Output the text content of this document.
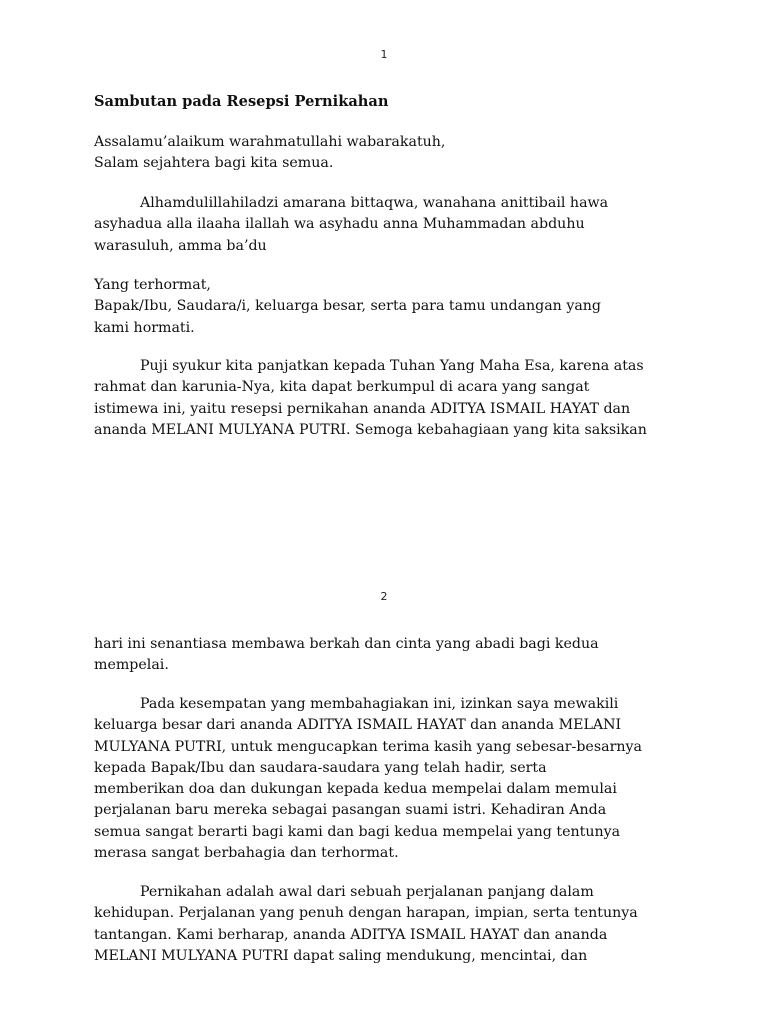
1
Sambutan pada Resepsi Pernikahan
Assalamu’alaikum warahmatullahi wabarakatuh,
Salam sejahtera bagi kita semua.
Alhamdulillahiladzi amarana bittaqwa, wanahana anittibail hawa
asyhadua alla ilaaha ilallah wa asyhadu anna Muhammadan abduhu
warasuluh, amma ba’du
Yang terhormat,
Bapak/Ibu, Saudara/i, keluarga besar, serta para tamu undangan yang
kami hormati.
Puji syukur kita panjatkan kepada Tuhan Yang Maha Esa, karena atas
rahmat dan karunia-Nya, kita dapat berkumpul di acara yang sangat
istimewa ini, yaitu resepsi pernikahan ananda ADITYA ISMAIL HAYAT dan
ananda MELANI MULYANA PUTRI. Semoga kebahagiaan yang kita saksikan
2
hari ini senantiasa membawa berkah dan cinta yang abadi bagi kedua
mempelai.
Pada kesempatan yang membahagiakan ini, izinkan saya mewakili
keluarga besar dari ananda ADITYA ISMAIL HAYAT dan ananda MELANI
MULYANA PUTRI, untuk mengucapkan terima kasih yang sebesar-besarnya
kepada Bapak/Ibu dan saudara-saudara yang telah hadir, serta
memberikan doa dan dukungan kepada kedua mempelai dalam memulai
perjalanan baru mereka sebagai pasangan suami istri. Kehadiran Anda
semua sangat berarti bagi kami dan bagi kedua mempelai yang tentunya
merasa sangat berbahagia dan terhormat.
Pernikahan adalah awal dari sebuah perjalanan panjang dalam
kehidupan. Perjalanan yang penuh dengan harapan, impian, serta tentunya
tantangan. Kami berharap, ananda ADITYA ISMAIL HAYAT dan ananda
MELANI MULYANA PUTRI dapat saling mendukung, mencintai, dan
